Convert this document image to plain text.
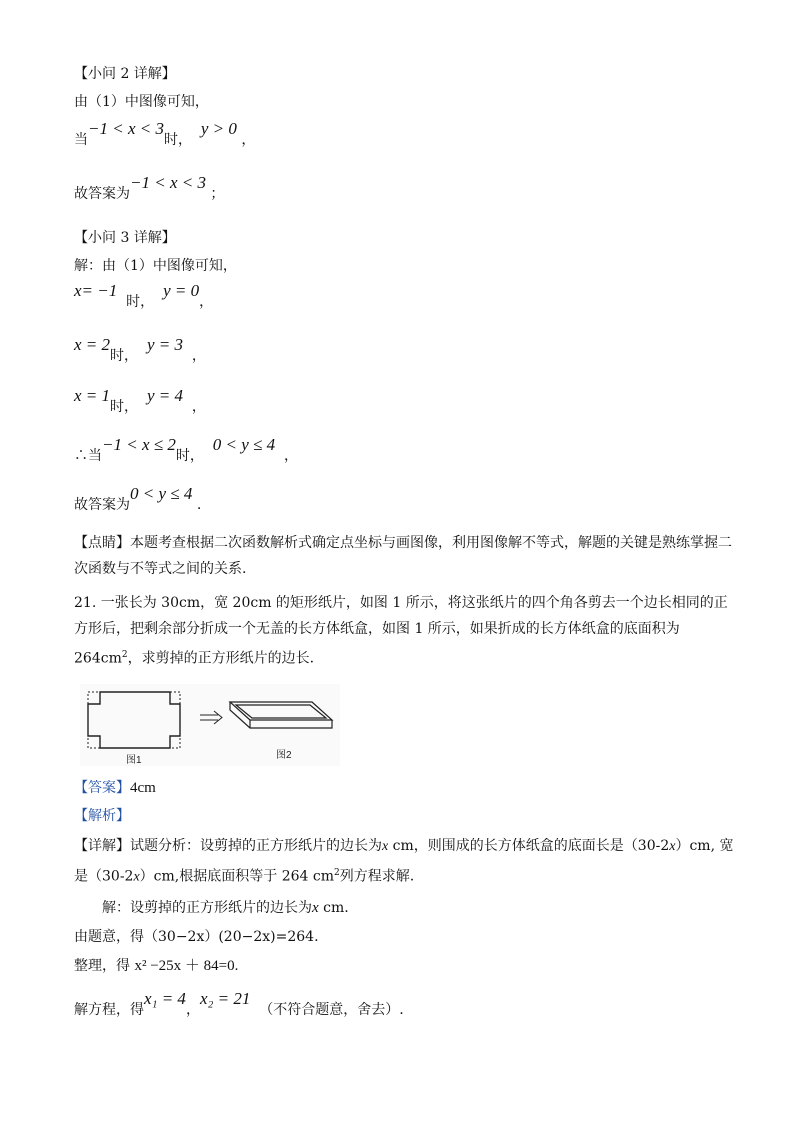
【小问 2 详解】
由（1）中图像可知，
当−1 < x < 3时，  y > 0 ，
故答案为−1 < x < 3 ；
【小问 3 详解】
解：由（1）中图像可知，
x= −1  时，  y = 0，
x = 2时，  y = 3  ，
x = 1时，  y = 4  ，
∴当−1 < x ≤ 2时，  0 < y ≤ 4  ，
故答案为0 < y ≤ 4 .
【点睛】本题考查根据二次函数解析式确定点坐标与画图像，利用图像解不等式，解题的关键是熟练掌握二次函数与不等式之间的关系.
21. 一张长为 30cm，宽 20cm 的矩形纸片，如图 1 所示，将这张纸片的四个角各剪去一个边长相同的正方形后，把剩余部分折成一个无盖的长方体纸盒，如图 1 所示，如果折成的长方体纸盒的底面积为 $264cm^2$，求剪掉的正方形纸片的边长.
图1	图2
【答案】4cm
【解析】
【详解】试题分析：设剪掉的正方形纸片的边长为x cm，则围成的长方体纸盒的底面长是（30-2x）cm, 宽是（30-2x）cm,根据底面积等于 264 $cm^2$列方程求解.
解：设剪掉的正方形纸片的边长为x cm.
由题意，得（30−2x）(20−2x)=264.
整理，得 x² −25x ＋ 84=0.
解方程，得x₁ = 4，x₂ = 21  （不符合题意，舍去）.
